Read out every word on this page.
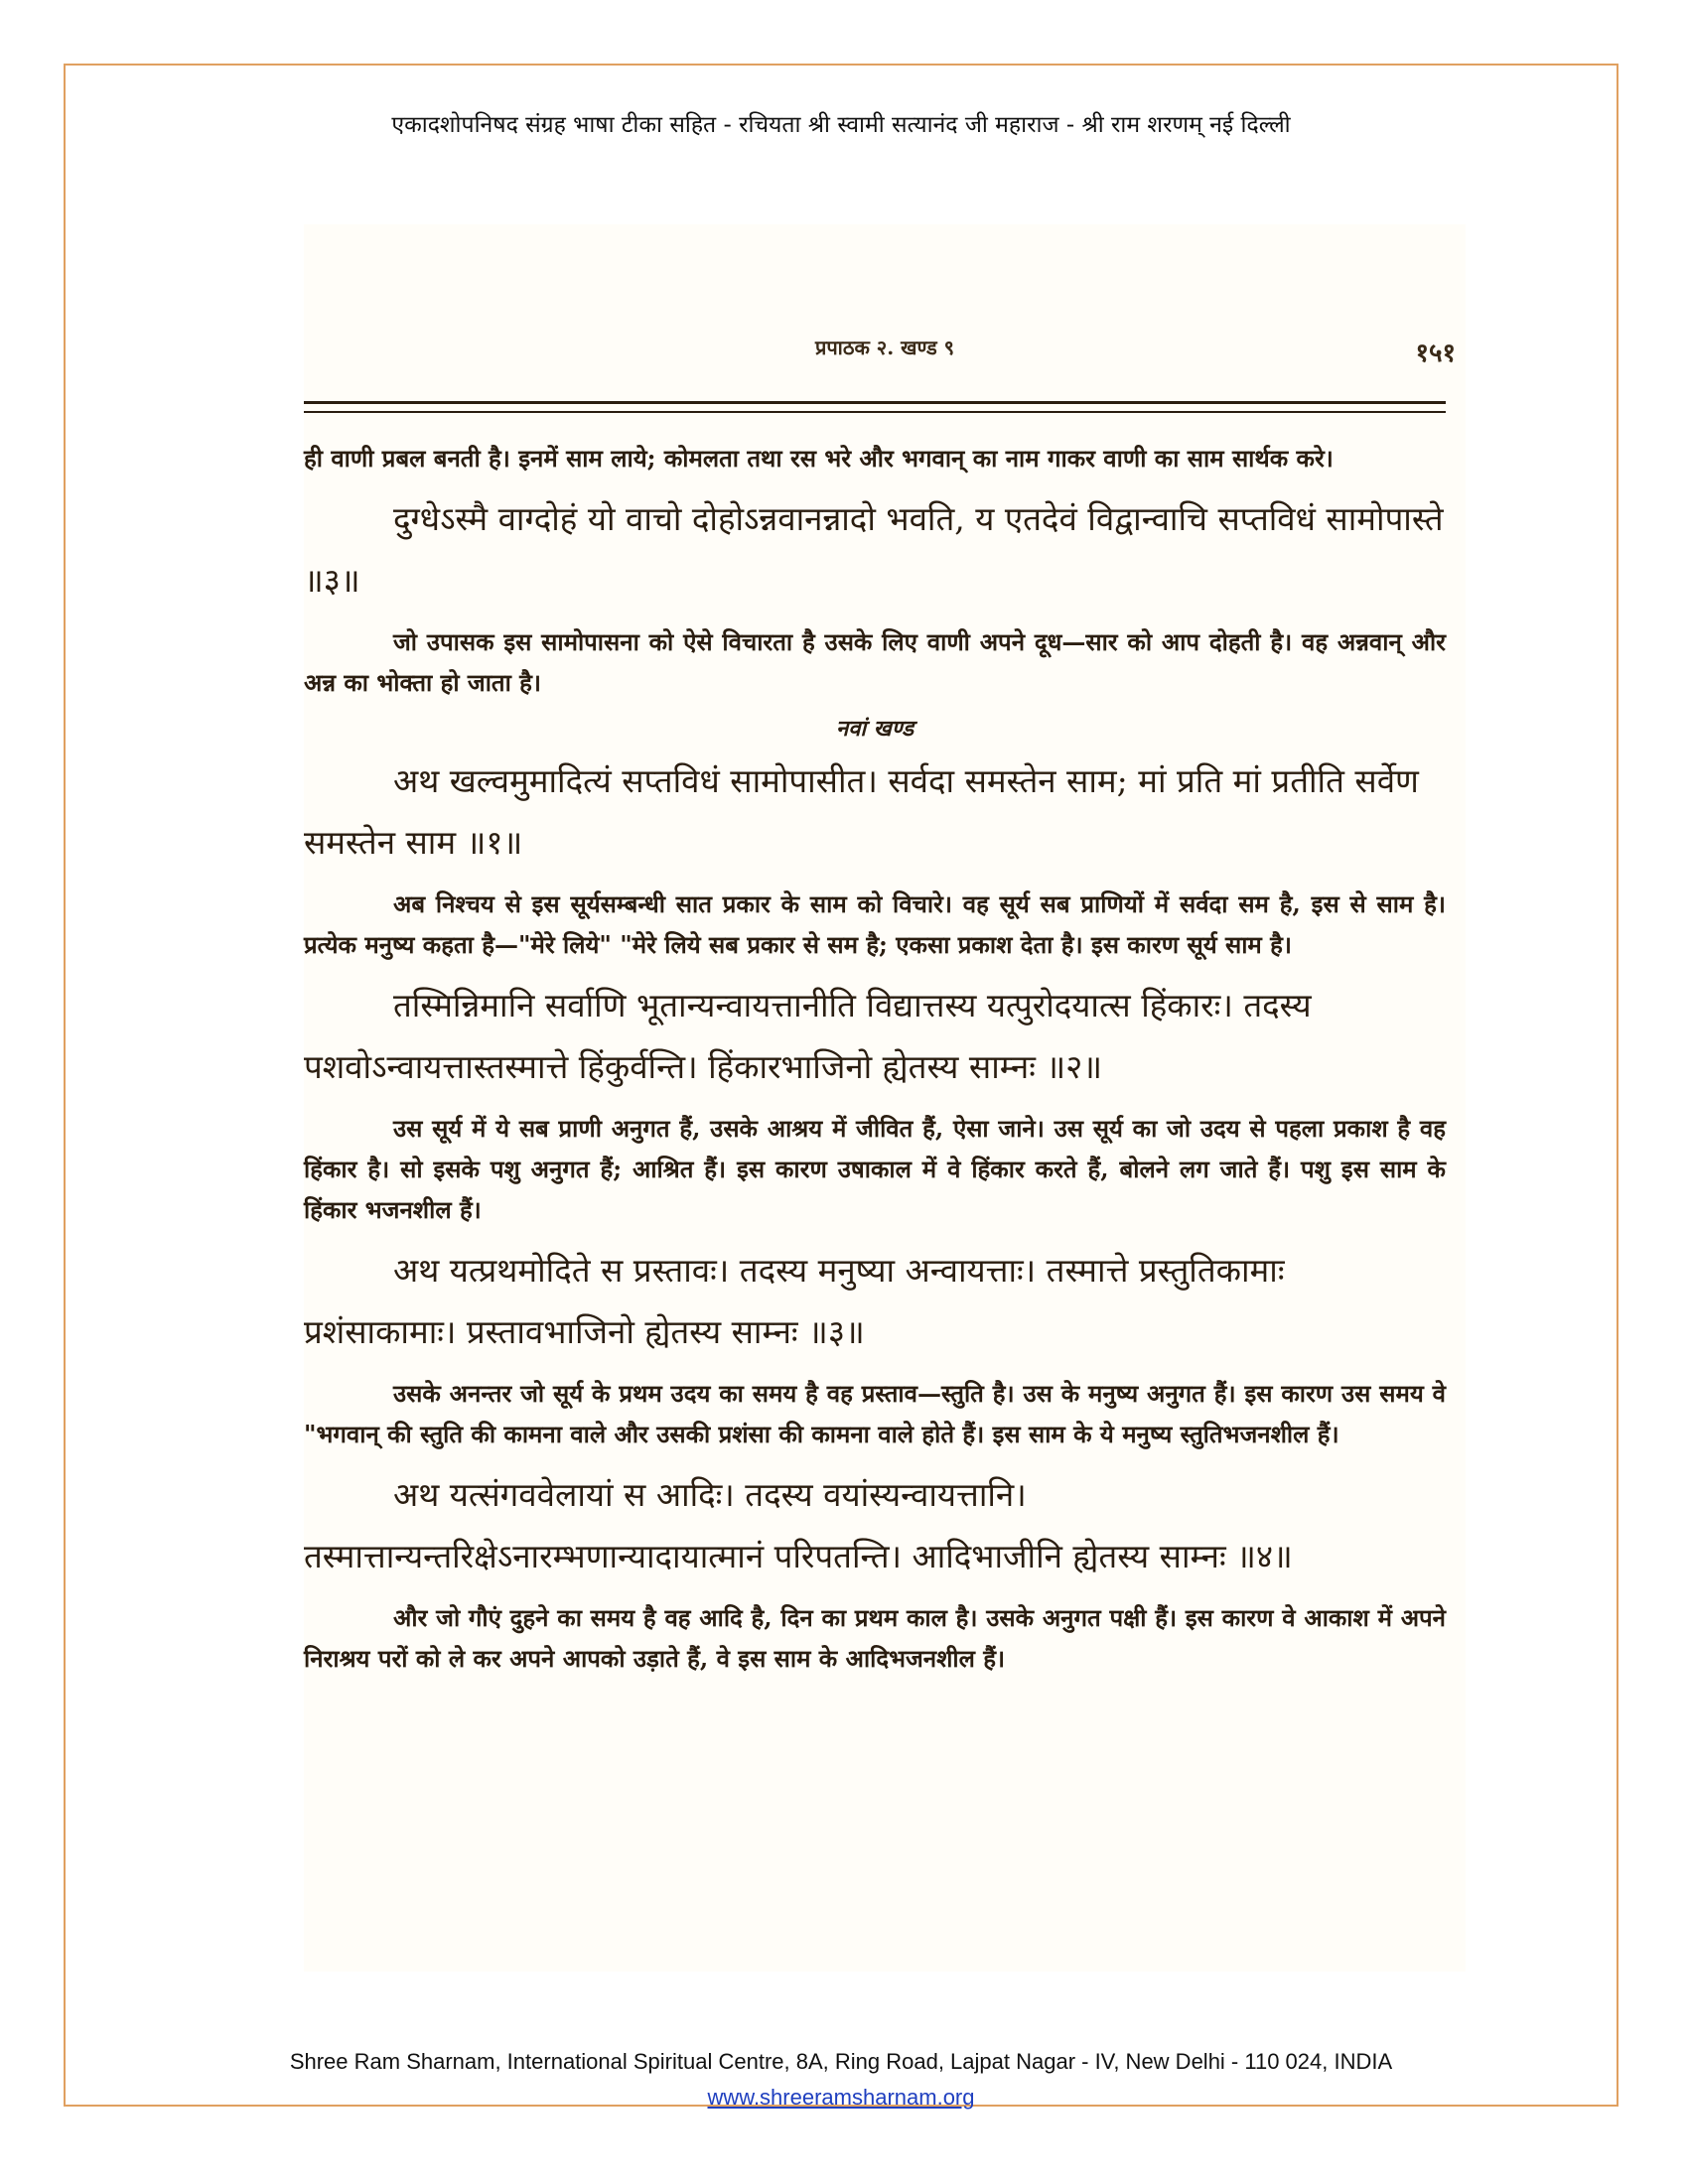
एकादशोपनिषद संग्रह भाषा टीका सहित - रचियता श्री स्वामी सत्यानंद जी महाराज - श्री राम शरणम् नई दिल्ली
प्रपाठक २. खण्ड ९	१५१

ही वाणी प्रबल बनती है। इनमें साम लाये; कोमलता तथा रस भरे और भगवान् का नाम गाकर वाणी का साम सार्थक करे।

दुग्धेऽस्मै वाग्दोहं यो वाचो दोहोऽन्नवानन्नादो भवति, य एतदेवं विद्वान्वाचि सप्तविधं सामोपास्ते ॥३॥

जो उपासक इस सामोपासना को ऐसे विचारता है उसके लिए वाणी अपने दूध—सार को आप दोहती है। वह अन्नवान् और अन्न का भोक्ता हो जाता है।

नवां खण्ड

अथ खल्वमुमादित्यं सप्तविधं सामोपासीत। सर्वदा समस्तेन साम; मां प्रति मां प्रतीति सर्वेण समस्तेन साम ॥१॥

अब निश्चय से इस सूर्यसम्बन्धी सात प्रकार के साम को विचारे। वह सूर्य सब प्राणियों में सर्वदा सम है, इस से साम है। प्रत्येक मनुष्य कहता है—"मेरे लिये" "मेरे लिये सब प्रकार से सम है; एकसा प्रकाश देता है। इस कारण सूर्य साम है।

तस्मिन्निमानि सर्वाणि भूतान्यन्वायत्तानीति विद्यात्तस्य यत्पुरोदयात्स हिंकारः। तदस्य पशवोऽन्वायत्तास्तस्मात्ते हिंकुर्वन्ति। हिंकारभाजिनो ह्येतस्य साम्नः ॥२॥

उस सूर्य में ये सब प्राणी अनुगत हैं, उसके आश्रय में जीवित हैं, ऐसा जाने। उस सूर्य का जो उदय से पहला प्रकाश है वह हिंकार है। सो इसके पशु अनुगत हैं; आश्रित हैं। इस कारण उषाकाल में वे हिंकार करते हैं, बोलने लग जाते हैं। पशु इस साम के हिंकार भजनशील हैं।

अथ यत्प्रथमोदिते स प्रस्तावः। तदस्य मनुष्या अन्वायत्ताः। तस्मात्ते प्रस्तुतिकामाः प्रशंसाकामाः। प्रस्तावभाजिनो ह्येतस्य साम्नः ॥३॥

उसके अनन्तर जो सूर्य के प्रथम उदय का समय है वह प्रस्ताव—स्तुति है। उस के मनुष्य अनुगत हैं। इस कारण उस समय वे "भगवान् की स्तुति की कामना वाले और उसकी प्रशंसा की कामना वाले होते हैं। इस साम के ये मनुष्य स्तुतिभजनशील हैं।

अथ यत्संगववेलायां स आदिः। तदस्य वयांस्यन्वायत्तानि। तस्मात्तान्यन्तरिक्षेऽनारम्भणान्यादायात्मानं परिपतन्ति। आदिभाजीनि ह्येतस्य साम्नः ॥४॥

और जो गौएं दुहने का समय है वह आदि है, दिन का प्रथम काल है। उसके अनुगत पक्षी हैं। इस कारण वे आकाश में अपने निराश्रय परों को ले कर अपने आपको उड़ाते हैं, वे इस साम के आदिभजनशील हैं।

Shree Ram Sharnam, International Spiritual Centre, 8A, Ring Road, Lajpat Nagar - IV, New Delhi - 110 024, INDIA
www.shreeramsharnam.org
